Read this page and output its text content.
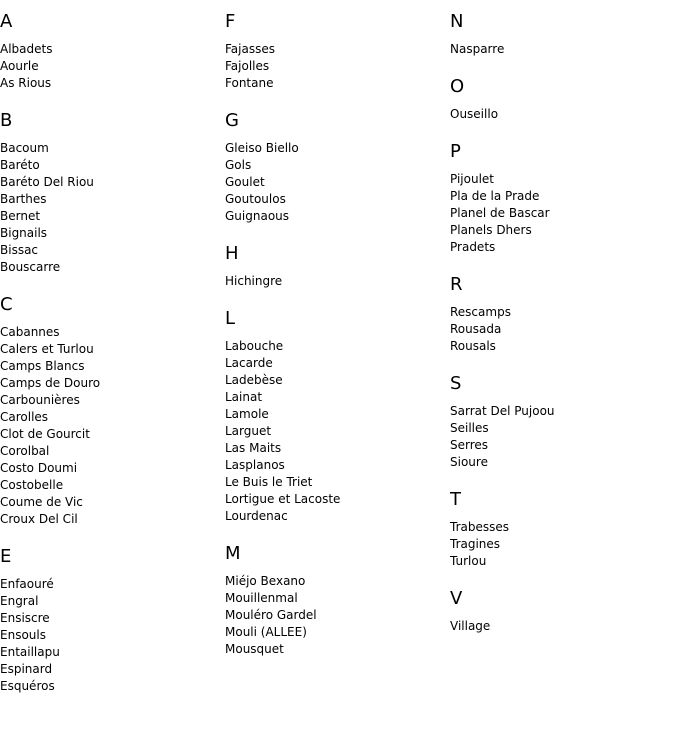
A
Albadets
Aourle
As Rious
B
Bacoum
Baréto
Baréto Del Riou
Barthes
Bernet
Bignails
Bissac
Bouscarre
C
Cabannes
Calers et Turlou
Camps Blancs
Camps de Douro
Carbounières
Carolles
Clot de Gourcit
Corolbal
Costo Doumi
Costobelle
Coume de Vic
Croux Del Cil
E
Enfaouré
Engral
Ensiscre
Ensouls
Entaillapu
Espinard
Esquéros
F
Fajasses
Fajolles
Fontane
G
Gleiso Biello
Gols
Goulet
Goutoulos
Guignaous
H
Hichingre
L
Labouche
Lacarde
Ladebèse
Lainat
Lamole
Larguet
Las Maits
Lasplanos
Le Buis le Triet
Lortigue et Lacoste
Lourdenac
M
Miéjo Bexano
Mouillenmal
Mouléro Gardel
Mouli (ALLEE)
Mousquet
N
Nasparre
O
Ouseillo
P
Pijoulet
Pla de la Prade
Planel de Bascar
Planels Dhers
Pradets
R
Rescamps
Rousada
Rousals
S
Sarrat Del Pujoou
Seilles
Serres
Sioure
T
Trabesses
Tragines
Turlou
V
Village
